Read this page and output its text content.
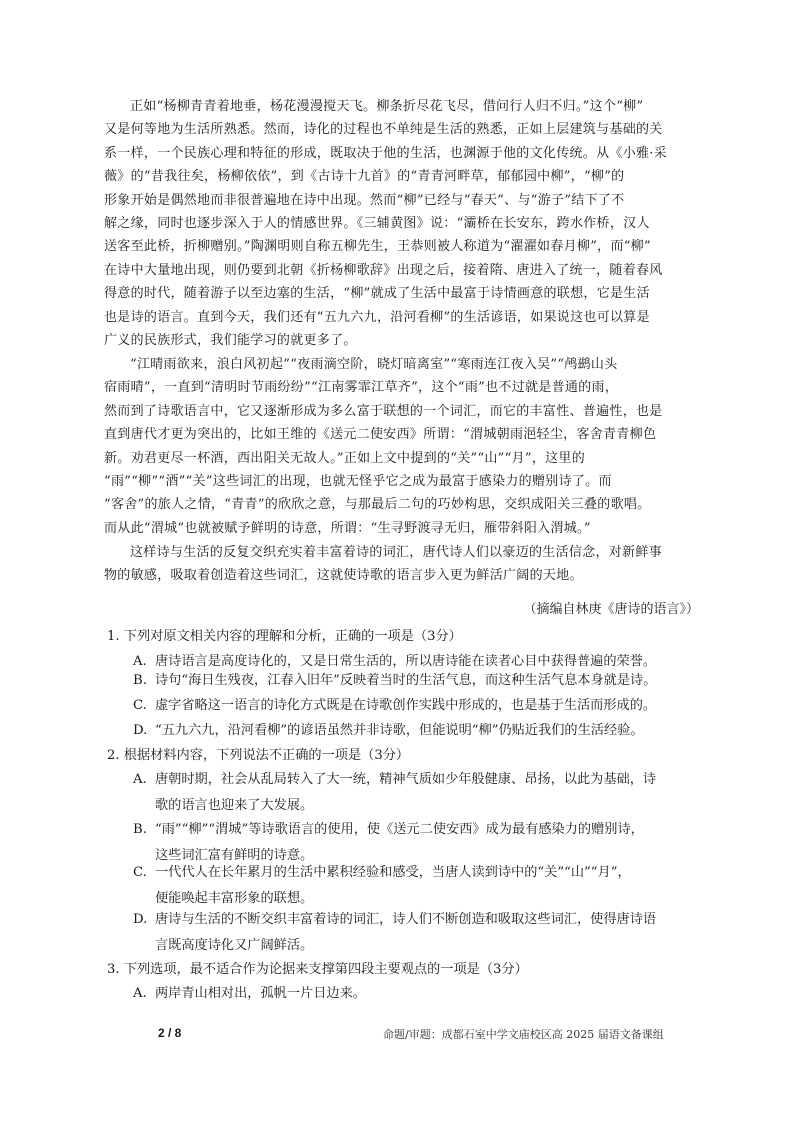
正如“杨柳青青着地垂，杨花漫漫搅天飞。柳条折尽花飞尽，借问行人归不归。”这个“柳”
又是何等地为生活所熟悉。然而，诗化的过程也不单纯是生活的熟悉，正如上层建筑与基础的关
系一样，一个民族心理和特征的形成，既取决于他的生活，也渊源于他的文化传统。从《小雅·采
薇》的“昔我往矣，杨柳依依”，到《古诗十九首》的“青青河畔草，郁郁园中柳”，“柳”的
形象开始是偶然地而非很普遍地在诗中出现。然而“柳”已经与“春天”、与“游子”结下了不
解之缘，同时也逐步深入于人的情感世界。《三辅黄图》说：“灞桥在长安东，跨水作桥，汉人
送客至此桥，折柳赠别。”陶渊明则自称五柳先生，王恭则被人称道为“濯濯如春月柳”，而“柳”
在诗中大量地出现，则仍要到北朝《折杨柳歌辞》出现之后，接着隋、唐进入了统一，随着春风
得意的时代，随着游子以至边塞的生活，“柳”就成了生活中最富于诗情画意的联想，它是生活
也是诗的语言。直到今天，我们还有“五九六九，沿河看柳”的生活谚语，如果说这也可以算是
广义的民族形式，我们能学习的就更多了。
“江晴雨欲来，浪白风初起”“夜雨滴空阶，晓灯暗离室”“寒雨连江夜入吴”“鸬鹚山头
宿雨晴”，一直到“清明时节雨纷纷”“江南雾霏江草齐”，这个“雨”也不过就是普通的雨，
然而到了诗歌语言中，它又逐渐形成为多么富于联想的一个词汇，而它的丰富性、普遍性，也是
直到唐代才更为突出的，比如王维的《送元二使安西》所谓：“渭城朝雨浥轻尘，客舍青青柳色
新。劝君更尽一杯酒，西出阳关无故人。”正如上文中提到的“关”“山”“月”，这里的
“雨”“柳”“酒”“关”这些词汇的出现，也就无怪乎它之成为最富于感染力的赠别诗了。而
“客舍”的旅人之情，“青青”的欣欣之意，与那最后二句的巧妙构思，交织成阳关三叠的歌唱。
而从此“渭城”也就被赋予鲜明的诗意，所谓：“生寻野渡寻无归，雁带斜阳入渭城。”
这样诗与生活的反复交织充实着丰富着诗的词汇，唐代诗人们以豪迈的生活信念，对新鲜事
物的敏感，吸取着创造着这些词汇，这就使诗歌的语言步入更为鲜活广阔的天地。
（摘编自林庚《唐诗的语言》）
1. 下列对原文相关内容的理解和分析，正确的一项是（3分）
A. 唐诗语言是高度诗化的，又是日常生活的，所以唐诗能在读者心目中获得普遍的荣誉。
B. 诗句“海日生残夜，江春入旧年”反映着当时的生活气息，而这种生活气息本身就是诗。
C. 虚字省略这一语言的诗化方式既是在诗歌创作实践中形成的，也是基于生活而形成的。
D. “五九六九，沿河看柳”的谚语虽然并非诗歌，但能说明“柳”仍贴近我们的生活经验。
2. 根据材料内容，下列说法不正确的一项是（3分）
A. 唐朝时期，社会从乱局转入了大一统，精神气质如少年般健康、昂扬，以此为基础，诗
歌的语言也迎来了大发展。
B. “雨”“柳”“渭城”等诗歌语言的使用，使《送元二使安西》成为最有感染力的赠别诗，
这些词汇富有鲜明的诗意。
C. 一代代人在长年累月的生活中累积经验和感受，当唐人读到诗中的“关”“山”“月”，
便能唤起丰富形象的联想。
D. 唐诗与生活的不断交织丰富着诗的词汇，诗人们不断创造和吸取这些词汇，使得唐诗语
言既高度诗化又广阔鲜活。
3. 下列选项，最不适合作为论据来支撑第四段主要观点的一项是（3分）
A. 两岸青山相对出，孤帆一片日边来。
2 / 8	命题/审题：成都石室中学文庙校区高 2025 届语文备课组
